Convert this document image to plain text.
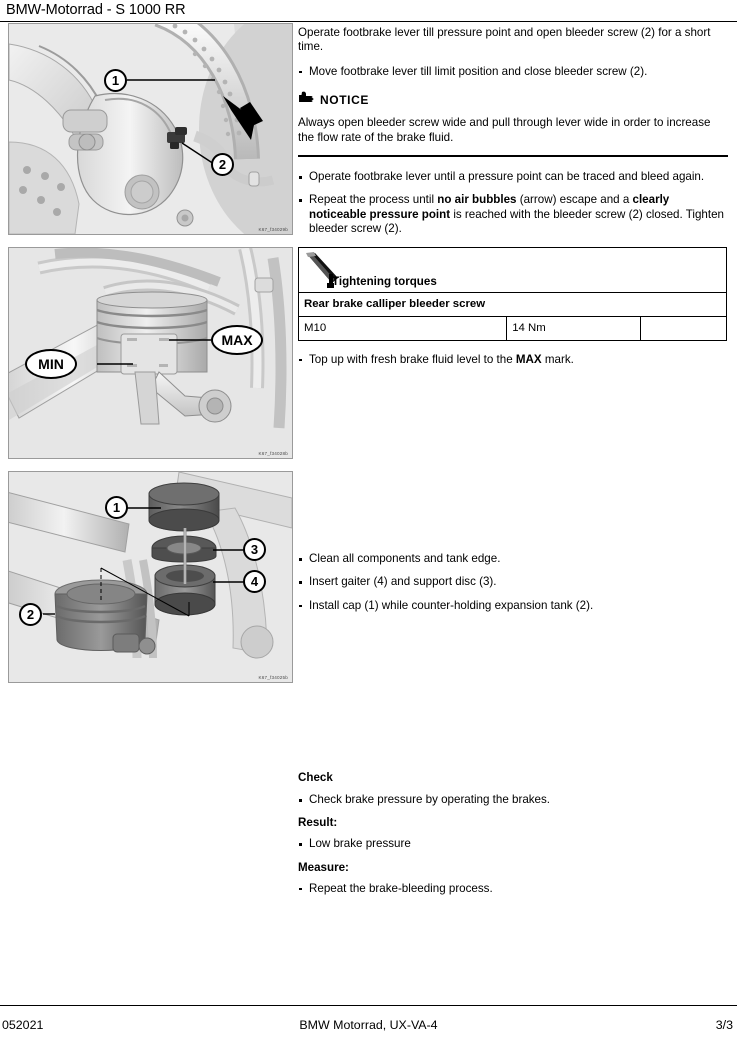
BMW-Motorrad - S 1000 RR
1
2
K67_f34029b
MIN
MAX
K67_f34028b
1
2
3
4
K67_f34025b

Operate footbrake lever till pressure point and open bleeder screw (2) for a short time.

Move footbrake lever till limit position and close bleeder screw (2).
NOTICE

Always open bleeder screw wide and pull through lever wide in order to increase the flow rate of the brake fluid.

Operate footbrake lever until a pressure point can be traced and bleed again.
Repeat the process until no air bubbles (arrow) escape and a clearly noticeable pressure point is reached with the bleeder screw (2) closed. Tighten bleeder screw (2).
Tightening torques

Rear brake calliper bleeder screw
M10	14 Nm	
Top up with fresh brake fluid level to the MAX mark.
Clean all components and tank edge.
Insert gaiter (4) and support disc (3).
Install cap (1) while counter-holding expansion tank (2).
Check
Check brake pressure by operating the brakes.
Result:
Low brake pressure
Measure:
Repeat the brake-bleeding process.
052021	BMW Motorrad, UX-VA-4	3/3
